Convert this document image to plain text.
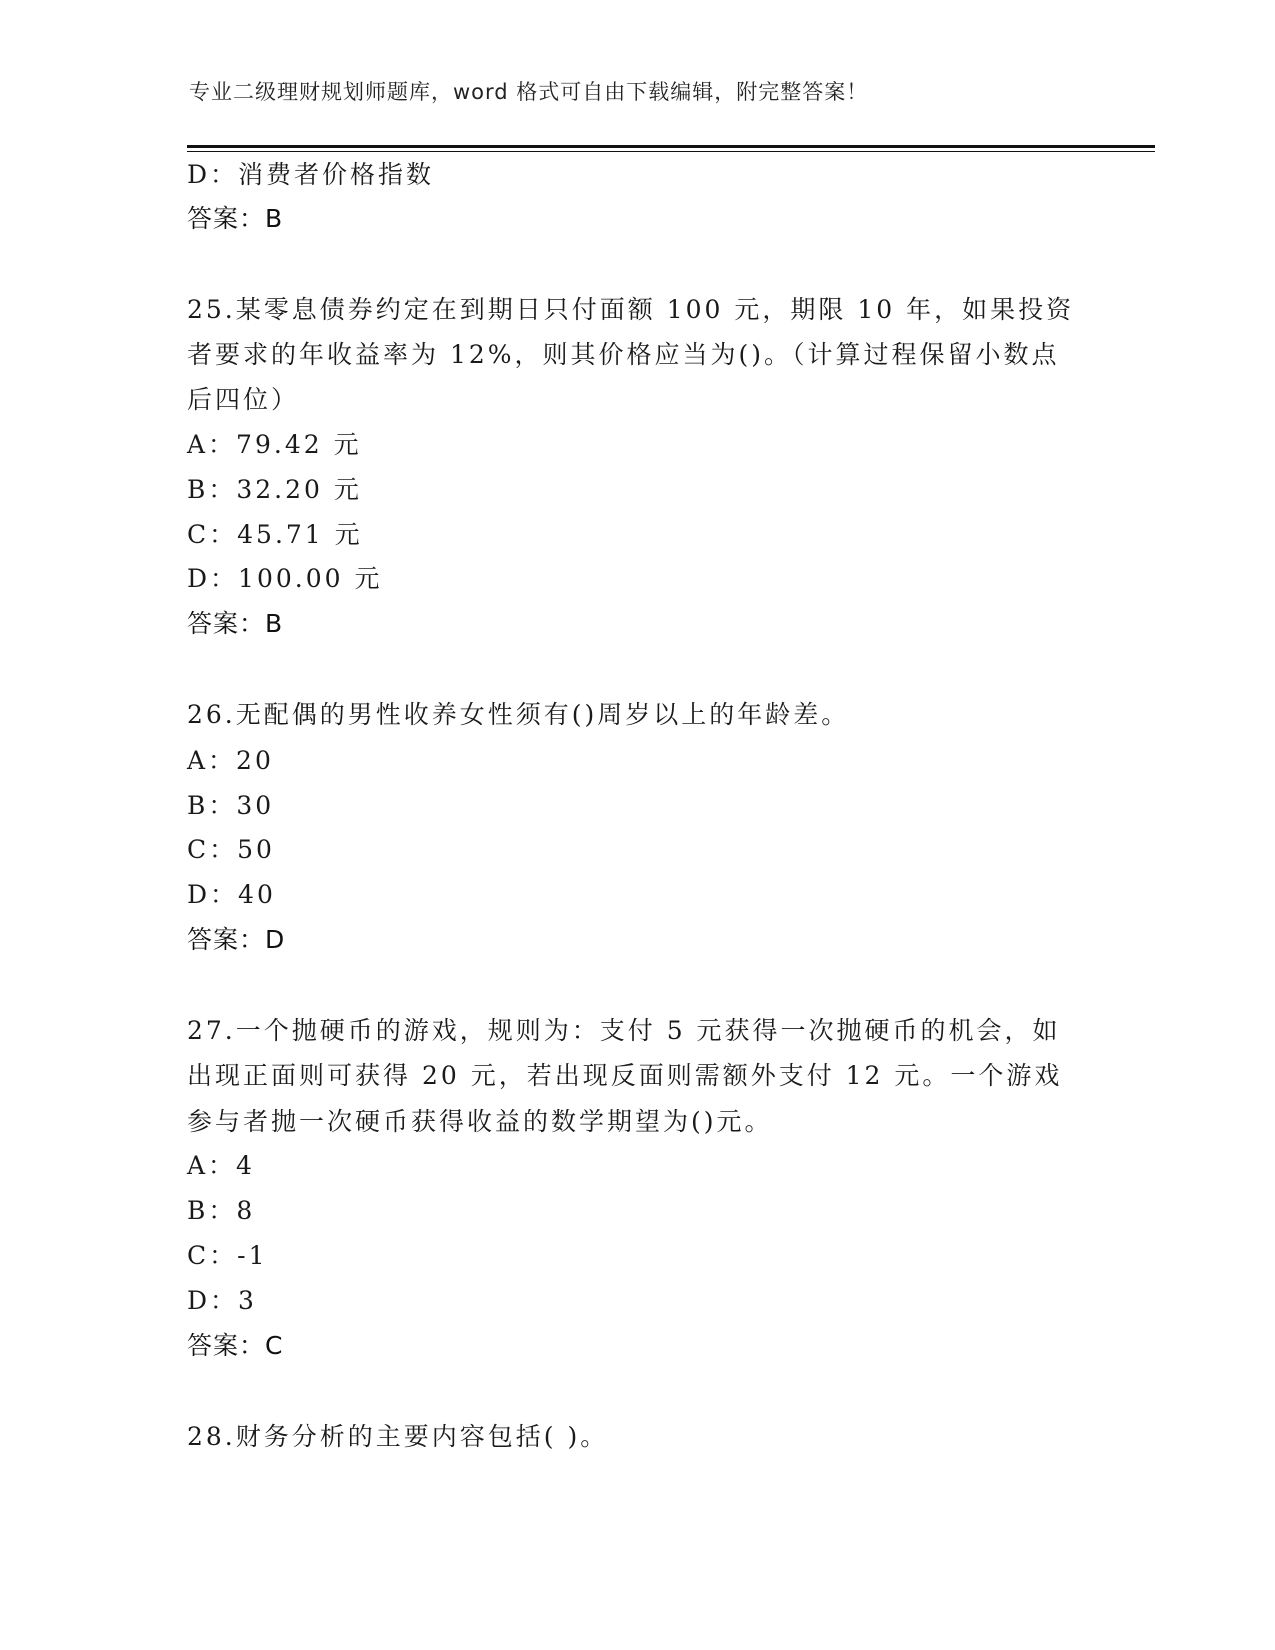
专业二级理财规划师题库，word 格式可自由下载编辑，附完整答案！
D：消费者价格指数
答案：B
25.某零息债券约定在到期日只付面额 100 元，期限 10 年，如果投资
者要求的年收益率为 12%，则其价格应当为()。（计算过程保留小数点
后四位）
A：79.42 元
B：32.20 元
C：45.71 元
D：100.00 元
答案：B
26.无配偶的男性收养女性须有()周岁以上的年龄差。
A：20
B：30
C：50
D：40
答案：D
27.一个抛硬币的游戏，规则为：支付 5 元获得一次抛硬币的机会，如
出现正面则可获得 20 元，若出现反面则需额外支付 12 元。一个游戏
参与者抛一次硬币获得收益的数学期望为()元。
A：4
B：8
C：-1
D：3
答案：C
28.财务分析的主要内容包括( )。
